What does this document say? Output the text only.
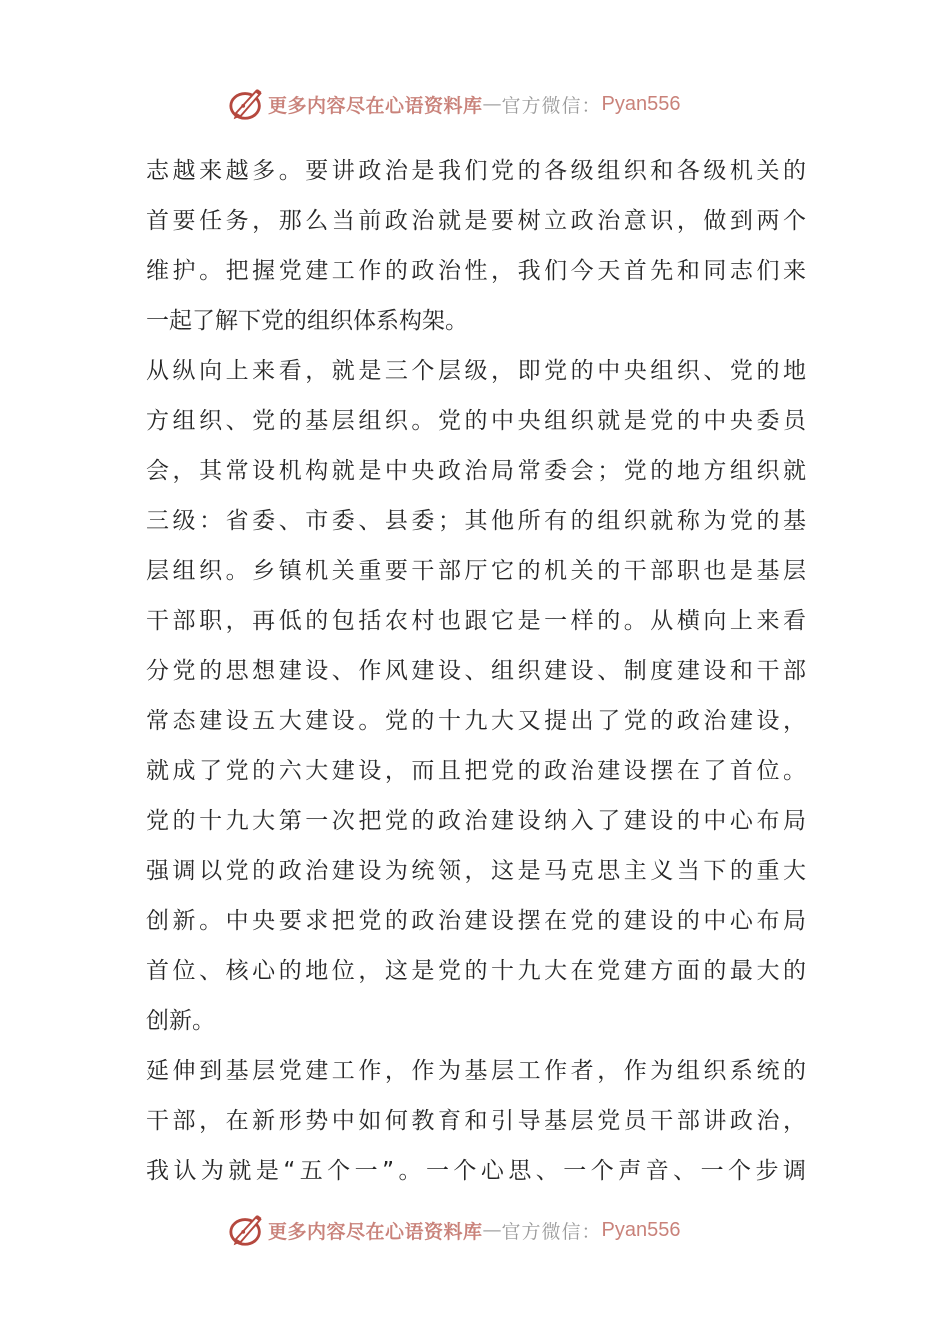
更多内容尽在心语资料库 — 官方微信： Pyan556

志越来越多。要讲政治是我们党的各级组织和各级机关的
首要任务，那么当前政治就是要树立政治意识，做到两个
维护。把握党建工作的政治性，我们今天首先和同志们来
一起了解下党的组织体系构架。

从纵向上来看，就是三个层级，即党的中央组织、党的地
方组织、党的基层组织。党的中央组织就是党的中央委员
会，其常设机构就是中央政治局常委会；党的地方组织就
三级：省委、市委、县委；其他所有的组织就称为党的基
层组织。乡镇机关重要干部厅它的机关的干部职也是基层
干部职，再低的包括农村也跟它是一样的。从横向上来看
分党的思想建设、作风建设、组织建设、制度建设和干部
常态建设五大建设。党的十九大又提出了党的政治建设，
就成了党的六大建设，而且把党的政治建设摆在了首位。
党的十九大第一次把党的政治建设纳入了建设的中心布局
强调以党的政治建设为统领，这是马克思主义当下的重大
创新。中央要求把党的政治建设摆在党的建设的中心布局
首位、核心的地位，这是党的十九大在党建方面的最大的
创新。

延伸到基层党建工作，作为基层工作者，作为组织系统的
干部，在新形势中如何教育和引导基层党员干部讲政治，
我认为就是“五个一”。一个心思、一个声音、一个步调

更多内容尽在心语资料库 — 官方微信： Pyan556
